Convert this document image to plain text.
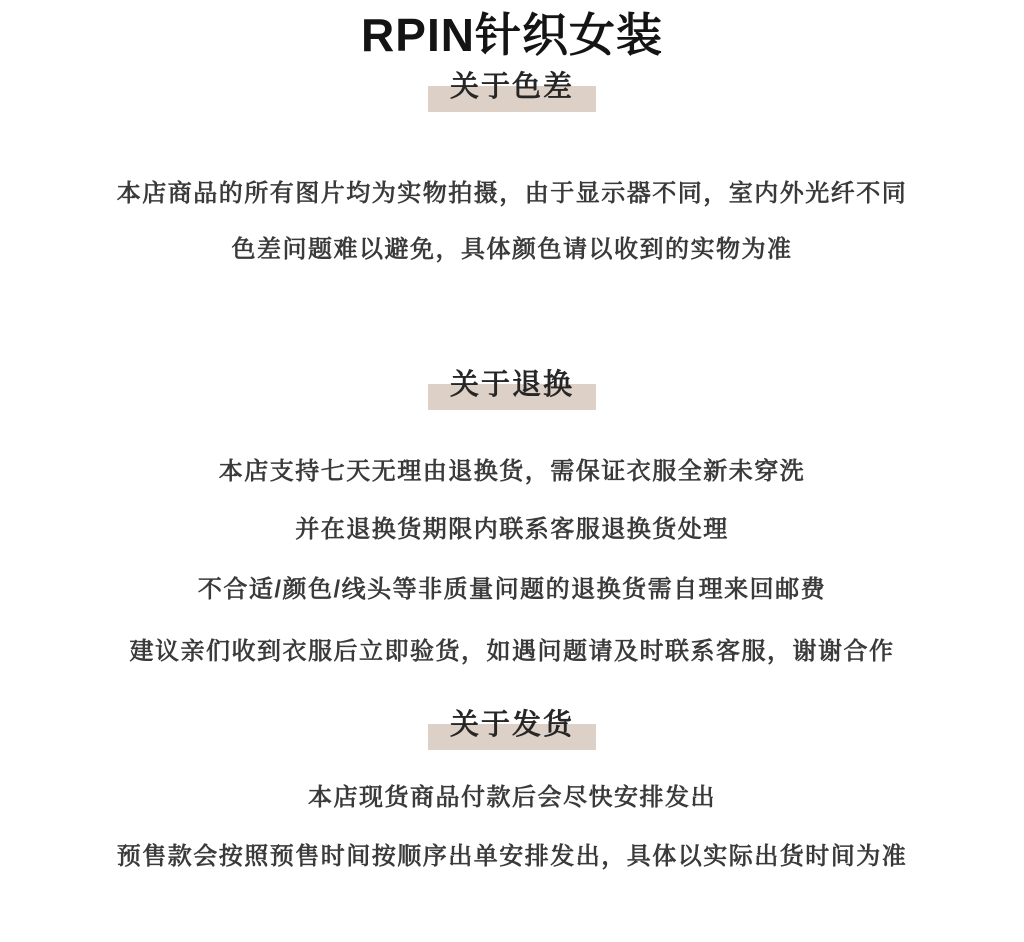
RPIN针织女装
关于色差

本店商品的所有图片均为实物拍摄，由于显示器不同，室内外光纤不同

色差问题难以避免，具体颜色请以收到的实物为准

关于退换

本店支持七天无理由退换货，需保证衣服全新未穿洗

并在退换货期限内联系客服退换货处理

不合适/颜色/线头等非质量问题的退换货需自理来回邮费

建议亲们收到衣服后立即验货，如遇问题请及时联系客服，谢谢合作

关于发货

本店现货商品付款后会尽快安排发出

预售款会按照预售时间按顺序出单安排发出，具体以实际出货时间为准
